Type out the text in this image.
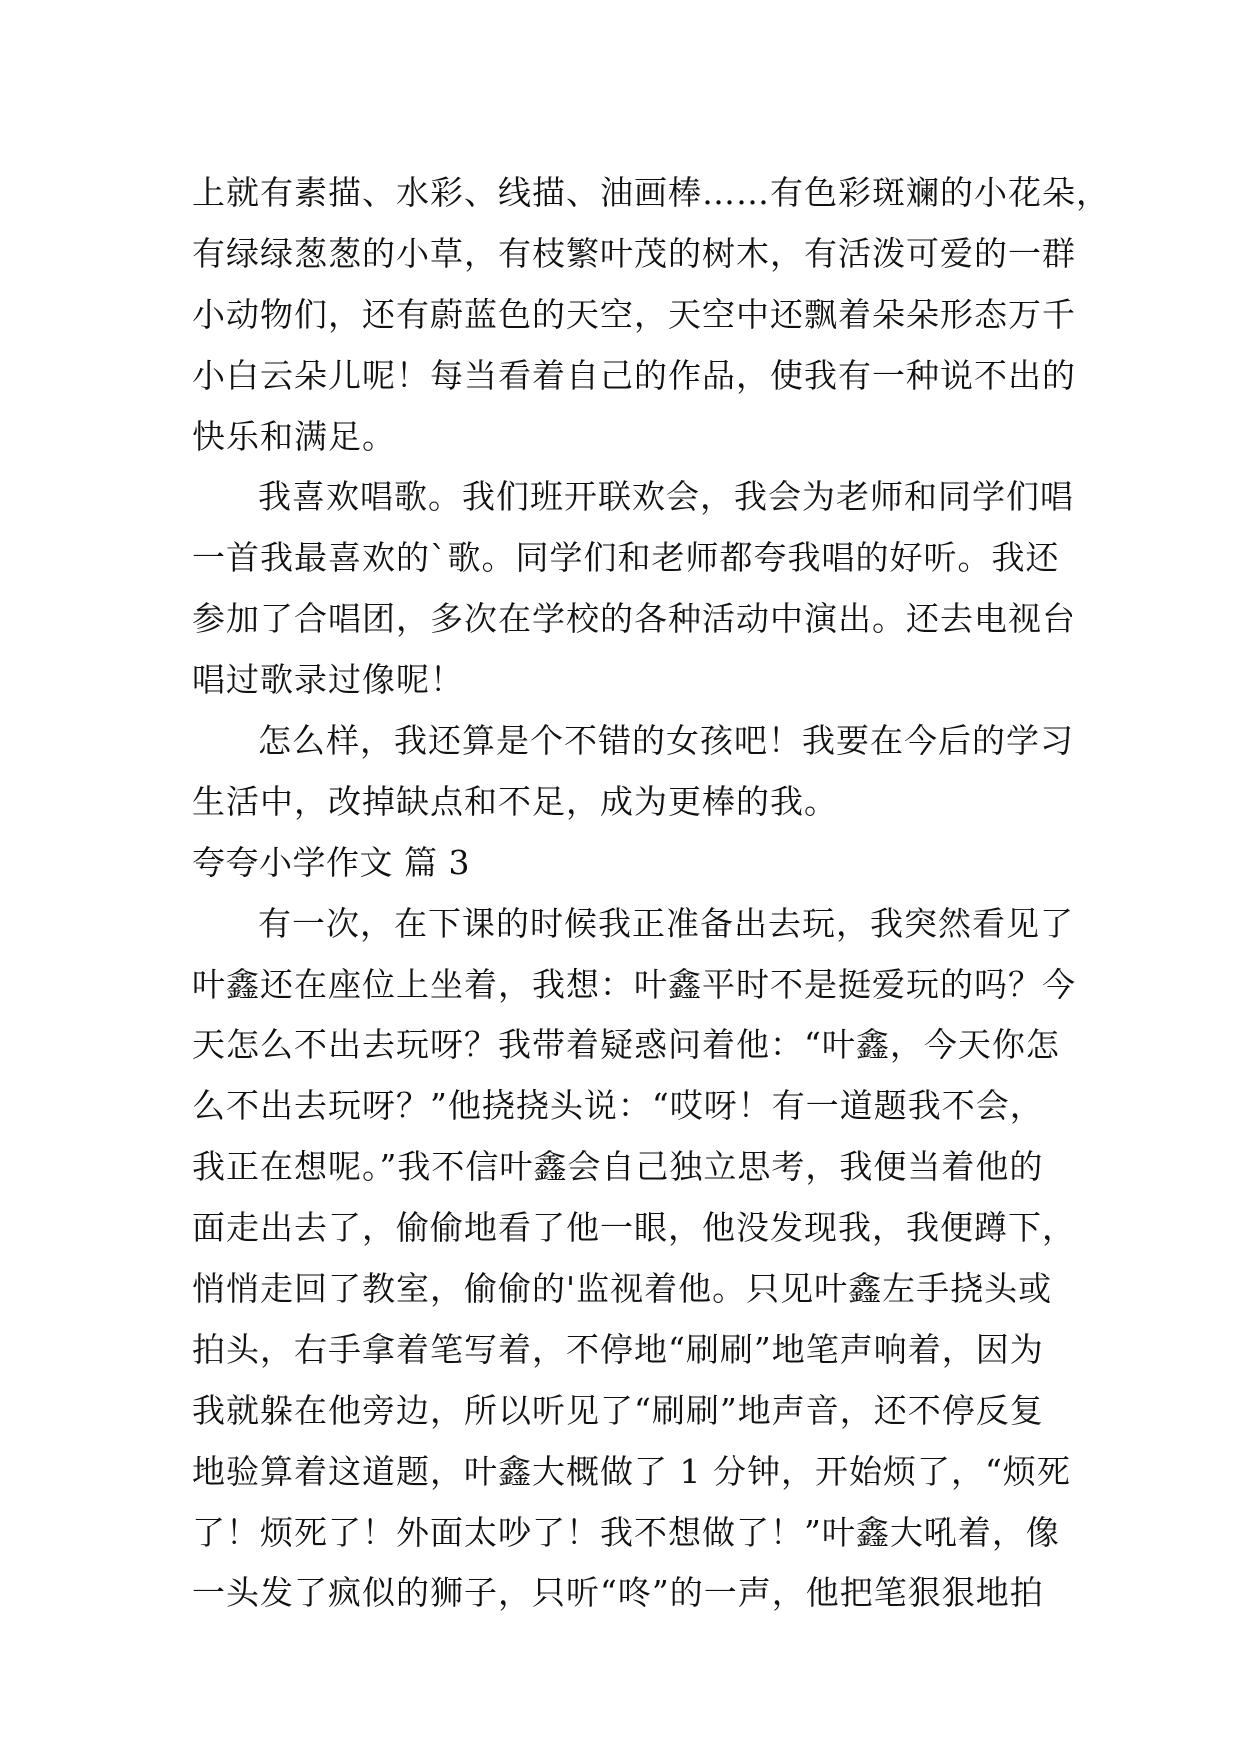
上就有素描、水彩、线描、油画棒……有色彩斑斓的小花朵，
有绿绿葱葱的小草，有枝繁叶茂的树木，有活泼可爱的一群
小动物们，还有蔚蓝色的天空，天空中还飘着朵朵形态万千
小白云朵儿呢！每当看着自己的作品，使我有一种说不出的
快乐和满足。
我喜欢唱歌。我们班开联欢会，我会为老师和同学们唱
一首我最喜欢的`歌。同学们和老师都夸我唱的好听。我还
参加了合唱团，多次在学校的各种活动中演出。还去电视台
唱过歌录过像呢！
怎么样，我还算是个不错的女孩吧！我要在今后的学习
生活中，改掉缺点和不足，成为更棒的我。
夸夸小学作文 篇 3
有一次，在下课的时候我正准备出去玩，我突然看见了
叶鑫还在座位上坐着，我想：叶鑫平时不是挺爱玩的吗？今
天怎么不出去玩呀？我带着疑惑问着他：“叶鑫，今天你怎
么不出去玩呀？”他挠挠头说：“哎呀！有一道题我不会，
我正在想呢。”我不信叶鑫会自己独立思考，我便当着他的
面走出去了，偷偷地看了他一眼，他没发现我，我便蹲下，
悄悄走回了教室，偷偷的'监视着他。只见叶鑫左手挠头或
拍头，右手拿着笔写着，不停地“刷刷”地笔声响着，因为
我就躲在他旁边，所以听见了“刷刷”地声音，还不停反复
地验算着这道题，叶鑫大概做了 1 分钟，开始烦了，“烦死
了！烦死了！外面太吵了！我不想做了！”叶鑫大吼着，像
一头发了疯似的狮子，只听“咚”的一声，他把笔狠狠地拍
